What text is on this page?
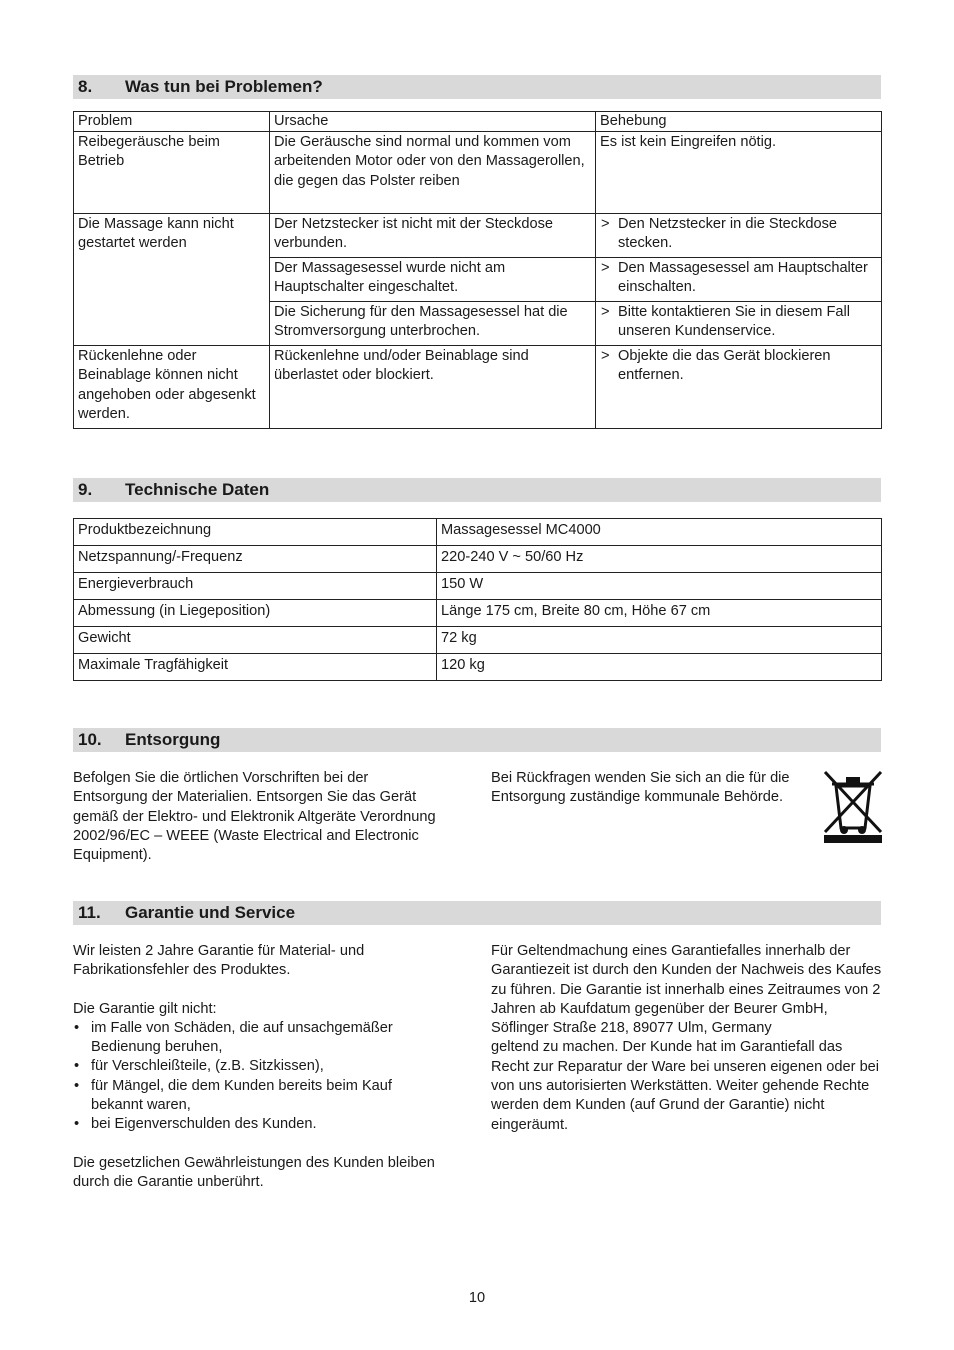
8. Was tun bei Problemen?
Problem	Ursache	Behebung
Reibegeräusche beim Betrieb	Die Geräusche sind normal und kommen vom arbeitenden Motor oder von den Massagerollen, die gegen das Polster reiben	Es ist kein Eingreifen nötig.
Die Massage kann nicht gestartet werden	Der Netzstecker ist nicht mit der Steckdose verbunden.	> Den Netzstecker in die Steckdose stecken.
	Der Massagesessel wurde nicht am Hauptschalter eingeschaltet.	> Den Massagesessel am Hauptschalter einschalten.
	Die Sicherung für den Massagesessel hat die Stromversorgung unterbrochen.	> Bitte kontaktieren Sie in diesem Fall unseren Kundenservice.
Rückenlehne oder Beinablage können nicht angehoben oder abgesenkt werden.	Rückenlehne und/oder Beinablage sind überlastet oder blockiert.	> Objekte die das Gerät blockieren entfernen.
9. Technische Daten
Produktbezeichnung	Massagesessel MC4000
Netzspannung/-Frequenz	220-240 V ~ 50/60 Hz
Energieverbrauch	150 W
Abmessung (in Liegeposition)	Länge 175 cm, Breite 80 cm, Höhe 67 cm
Gewicht	72 kg
Maximale Tragfähigkeit	120 kg
10. Entsorgung

Befolgen Sie die örtlichen Vorschriften bei der Entsorgung der Materialien. Entsorgen Sie das Gerät gemäß der Elektro- und Elektronik Altgeräte Verordnung 2002/96/EC – WEEE (Waste Electrical and Electronic Equipment).

Bei Rückfragen wenden Sie sich an die für die Entsorgung zuständige kommunale Behörde.

11. Garantie und Service

Wir leisten 2 Jahre Garantie für Material- und Fabrikationsfehler des Produktes.

Die Garantie gilt nicht:

• im Falle von Schäden, die auf unsachgemäßer Bedienung beruhen,
• für Verschleißteile, (z.B. Sitzkissen),
• für Mängel, die dem Kunden bereits beim Kauf bekannt waren,
• bei Eigenverschulden des Kunden.

Die gesetzlichen Gewährleistungen des Kunden bleiben durch die Garantie unberührt.

Für Geltendmachung eines Garantiefalles innerhalb der Garantiezeit ist durch den Kunden der Nachweis des Kaufes zu führen. Die Garantie ist innerhalb eines Zeitraumes von 2 Jahren ab Kaufdatum gegenüber der Beurer GmbH, Söflinger Straße 218, 89077 Ulm, Germany

geltend zu machen. Der Kunde hat im Garantiefall das Recht zur Reparatur der Ware bei unseren eigenen oder bei von uns autorisierten Werkstätten. Weiter gehende Rechte werden dem Kunden (auf Grund der Garantie) nicht eingeräumt.

10
